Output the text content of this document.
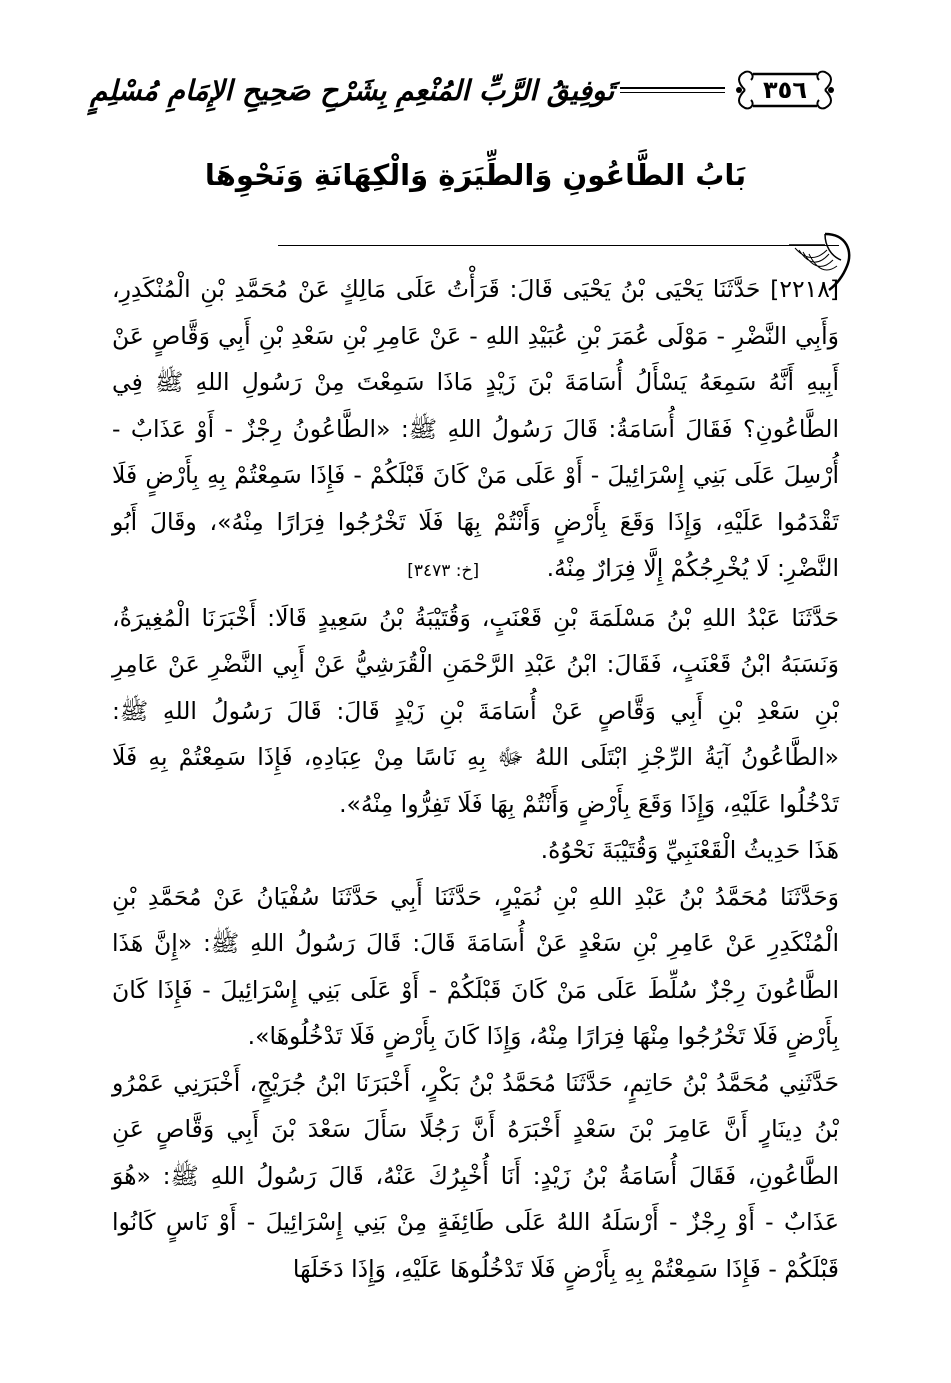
٣٥٦
تَوفِيقُ الرَّبِّ المُنْعِمِ بِشَرْحِ صَحِيحِ الإِمَامِ مُسْلِمٍ
بَابُ الطَّاعُونِ وَالطِّيَرَةِ وَالْكِهَانَةِ وَنَحْوِهَا

[٢٢١٨] حَدَّثَنَا يَحْيَى بْنُ يَحْيَى قَالَ: قَرَأْتُ عَلَى مَالِكٍ عَنْ مُحَمَّدِ بْنِ الْمُنْكَدِرِ، وَأَبِي النَّضْرِ - مَوْلَى عُمَرَ بْنِ عُبَيْدِ اللهِ - عَنْ عَامِرِ بْنِ سَعْدِ بْنِ أَبِي وَقَّاصٍ عَنْ أَبِيهِ أَنَّهُ سَمِعَهُ يَسْأَلُ أُسَامَةَ بْنَ زَيْدٍ مَاذَا سَمِعْتَ مِنْ رَسُولِ اللهِ ﷺ فِي الطَّاعُونِ؟ فَقَالَ أُسَامَةُ: قَالَ رَسُولُ اللهِ ﷺ: «الطَّاعُونُ رِجْزٌ - أَوْ عَذَابٌ - أُرْسِلَ عَلَى بَنِي إِسْرَائِيلَ - أَوْ عَلَى مَنْ كَانَ قَبْلَكُمْ - فَإِذَا سَمِعْتُمْ بِهِ بِأَرْضٍ فَلَا تَقْدَمُوا عَلَيْهِ، وَإِذَا وَقَعَ بِأَرْضٍ وَأَنْتُمْ بِهَا فَلَا تَخْرُجُوا فِرَارًا مِنْهُ»، وقَالَ أَبُو النَّضْرِ: لَا يُخْرِجُكُمْ إِلَّا فِرَارٌ مِنْهُ. [خ: ٣٤٧٣]

حَدَّثَنَا عَبْدُ اللهِ بْنُ مَسْلَمَةَ بْنِ قَعْنَبٍ، وَقُتَيْبَةُ بْنُ سَعِيدٍ قَالَا: أَخْبَرَنَا الْمُغِيرَةُ، وَنَسَبَهُ ابْنُ قَعْنَبٍ، فَقَالَ: ابْنُ عَبْدِ الرَّحْمَنِ الْقُرَشِيُّ عَنْ أَبِي النَّضْرِ عَنْ عَامِرِ بْنِ سَعْدِ بْنِ أَبِي وَقَّاصٍ عَنْ أُسَامَةَ بْنِ زَيْدٍ قَالَ: قَالَ رَسُولُ اللهِ ﷺ: «الطَّاعُونُ آيَةُ الرِّجْزِ ابْتَلَى اللهُ ﷻ بِهِ نَاسًا مِنْ عِبَادِهِ، فَإِذَا سَمِعْتُمْ بِهِ فَلَا تَدْخُلُوا عَلَيْهِ، وَإِذَا وَقَعَ بِأَرْضٍ وَأَنْتُمْ بِهَا فَلَا تَفِرُّوا مِنْهُ».

هَذَا حَدِيثُ الْقَعْنَبِيِّ وَقُتَيْبَةَ نَحْوُهُ.

وَحَدَّثَنَا مُحَمَّدُ بْنُ عَبْدِ اللهِ بْنِ نُمَيْرٍ، حَدَّثَنَا أَبِي حَدَّثَنَا سُفْيَانُ عَنْ مُحَمَّدِ بْنِ الْمُنْكَدِرِ عَنْ عَامِرِ بْنِ سَعْدٍ عَنْ أُسَامَةَ قَالَ: قَالَ رَسُولُ اللهِ ﷺ: «إِنَّ هَذَا الطَّاعُونَ رِجْزٌ سُلِّطَ عَلَى مَنْ كَانَ قَبْلَكُمْ - أَوْ عَلَى بَنِي إِسْرَائِيلَ - فَإِذَا كَانَ بِأَرْضٍ فَلَا تَخْرُجُوا مِنْهَا فِرَارًا مِنْهُ، وَإِذَا كَانَ بِأَرْضٍ فَلَا تَدْخُلُوهَا».

حَدَّثَنِي مُحَمَّدُ بْنُ حَاتِمٍ، حَدَّثَنَا مُحَمَّدُ بْنُ بَكْرٍ، أَخْبَرَنَا ابْنُ جُرَيْجٍ، أَخْبَرَنِي عَمْرُو بْنُ دِينَارٍ أَنَّ عَامِرَ بْنَ سَعْدٍ أَخْبَرَهُ أَنَّ رَجُلًا سَأَلَ سَعْدَ بْنَ أَبِي وَقَّاصٍ عَنِ الطَّاعُونِ، فَقَالَ أُسَامَةُ بْنُ زَيْدٍ: أَنَا أُخْبِرُكَ عَنْهُ، قَالَ رَسُولُ اللهِ ﷺ: «هُوَ عَذَابٌ - أَوْ رِجْزٌ - أَرْسَلَهُ اللهُ عَلَى طَائِفَةٍ مِنْ بَنِي إِسْرَائِيلَ - أَوْ نَاسٍ كَانُوا قَبْلَكُمْ - فَإِذَا سَمِعْتُمْ بِهِ بِأَرْضٍ فَلَا تَدْخُلُوهَا عَلَيْهِ، وَإِذَا دَخَلَهَا
